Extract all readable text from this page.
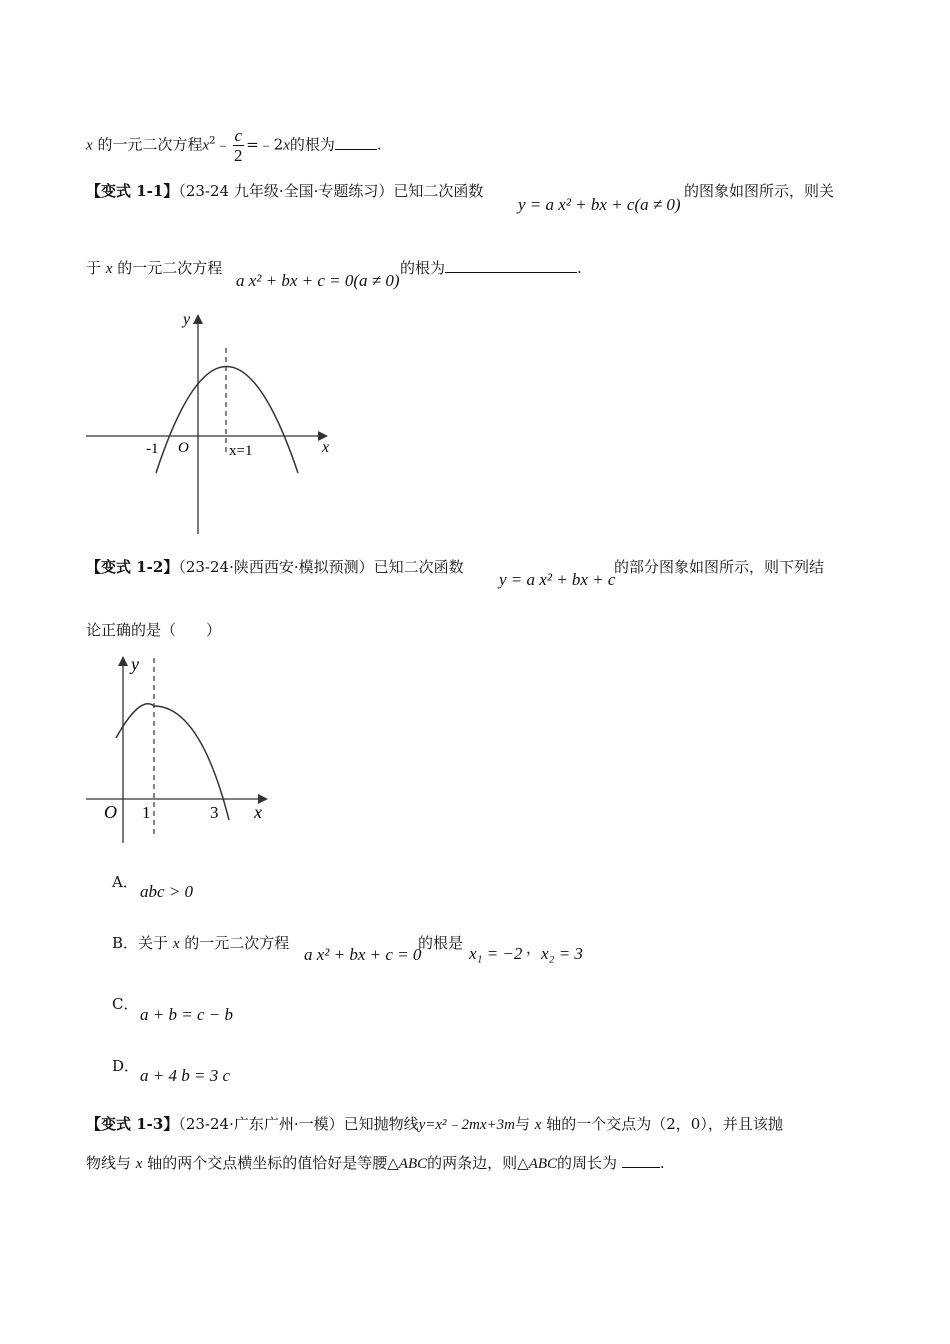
x 的一元二次方程$x^2﹣ \frac{c}{2}$ =﹣2x的根为	.
【变式 1-1】（23-24 九年级·全国·专题练习）已知二次函数
y = a x² + bx + c(a ≠ 0)
的图象如图所示，则关
于 x 的一元二次方程
a x² + bx + c = 0(a ≠ 0)
的根为	.
y
x
O
-1	x=1
【变式 1-2】（23-24·陕西西安·模拟预测）已知二次函数
y = a x² + bx + c
的部分图象如图所示，则下列结
论正确的是（　　）
y
x
O 1	3
A． abc > 0
B．关于 x 的一元二次方程
a x² + bx + c = 0
的根是
x₁ = −2 ， x₂ = 3
C．
a + b = c − b
D． a + 4 b = 3 c
【变式 1-3】（23-24·广东广州·一模）已知抛物线y=x²﹣2mx+3m与 x 轴的一个交点为（2，0），并且该抛
物线与 x 轴的两个交点横坐标的值恰好是等腰△ABC的两条边，则△ABC的周长为	.
